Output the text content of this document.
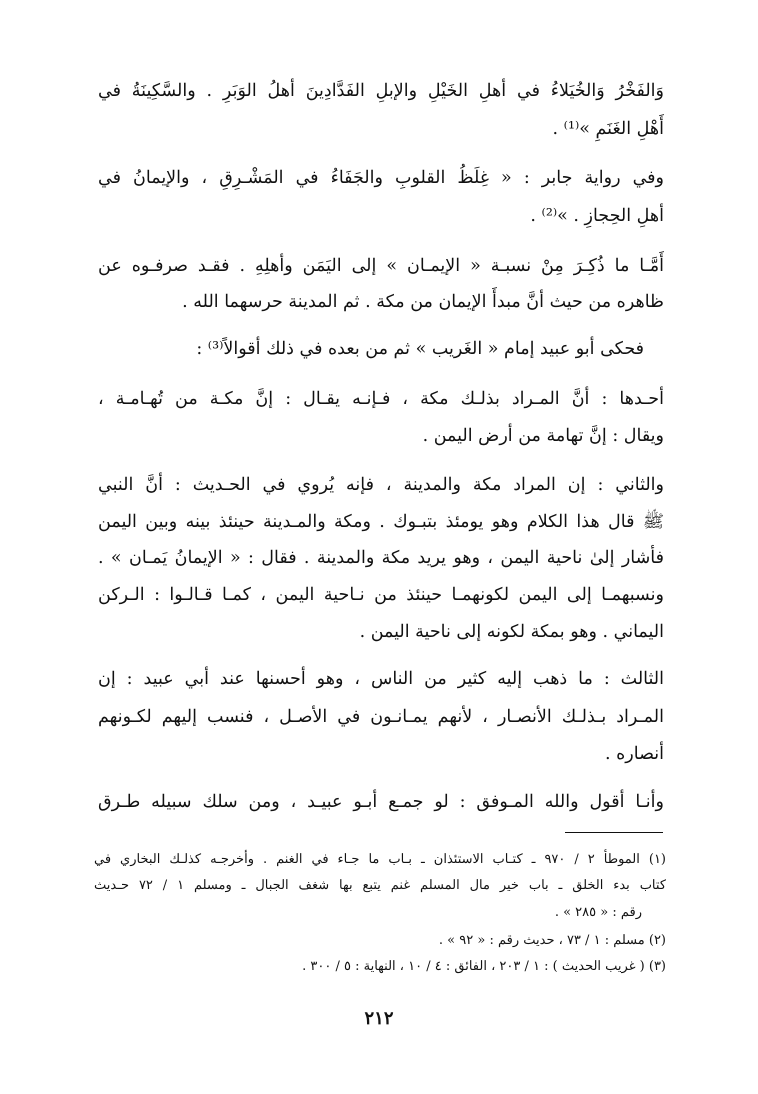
وَالفَخْرُ وَالخُيَلاءُ في أهلِ الخَيْلِ والإبلِ الفَدَّادِينَ أهلُ الوَبَرِ . والسَّكِينَةُ في
أَهْلِ الغَنَمِ »⁽¹⁾ .
وفي رواية جابر : « غِلَظُ القلوبِ والجَفَاءُ في المَشْـرِقِ ، والإيمانُ في
أهلِ الحِجازِ . »⁽²⁾ .
أَمَّـا ما ذُكِـرَ مِنْ نسبـة « الإيمـان » إلى اليَمَن وأهلِهِ . فقـد صرفـوه عن
ظاهره من حيث أنَّ مبدأَ الإيمان من مكة . ثم المدينة حرسهما الله .
فحكى أبو عبيد إمام « الغَريب » ثم من بعده في ذلك أقوالاً⁽³⁾ :
أحـدها : أنَّ المـراد بذلـك مكة ، فـإنـه يقـال : إنَّ مكـة من تُهـامـة ،
ويقال : إنَّ تهامة من أرض اليمن .
والثاني : إن المراد مكة والمدينة ، فإنه يُروي في الحـديث : أنَّ النبي
ﷺ قال هذا الكلام وهو يومئذ بتبـوك . ومكة والمـدينة حينئذ بينه وبين اليمن
فأشار إلىٰ ناحية اليمن ، وهو يريد مكة والمدينة . فقال : « الإيمانُ يَمـان » .
ونسبهمـا إلى اليمن لكونهمـا حينئذ من نـاحية اليمن ، كمـا قـالـوا : الـركن
اليماني . وهو بمكة لكونه إلى ناحية اليمن .
الثالث : ما ذهب إليه كثير من الناس ، وهو أحسنها عند أبي عبيد : إن
المـراد بـذلـك الأنصـار ، لأنهم يمـانـون في الأصـل ، فنسب إليهم لكـونهم
أنصاره .
وأنـا أقول والله المـوفق : لو جمـع أبـو عبيـد ، ومن سلك سبيله طـرق
(١) الموطأ ٢ / ٩٧٠ ـ كتـاب الاستئذان ـ بـاب ما جـاء في الغنم . وأخرجـه كذلـك البخاري في
كتاب بدء الخلق ـ باب خير مال المسلم غنم يتبع بها شغف الجبال ـ ومسلم ١ / ٧٢ حـديث
رقم : « ٢٨٥ » .
(٢) مسلم : ١ / ٧٣ ، حديث رقم : « ٩٢ » .
(٣) ( غريب الحديث ) : ١ / ٢٠٣ ، الفائق : ٤ / ١٠ ، النهاية : ٥ / ٣٠٠ .
٢١٢
